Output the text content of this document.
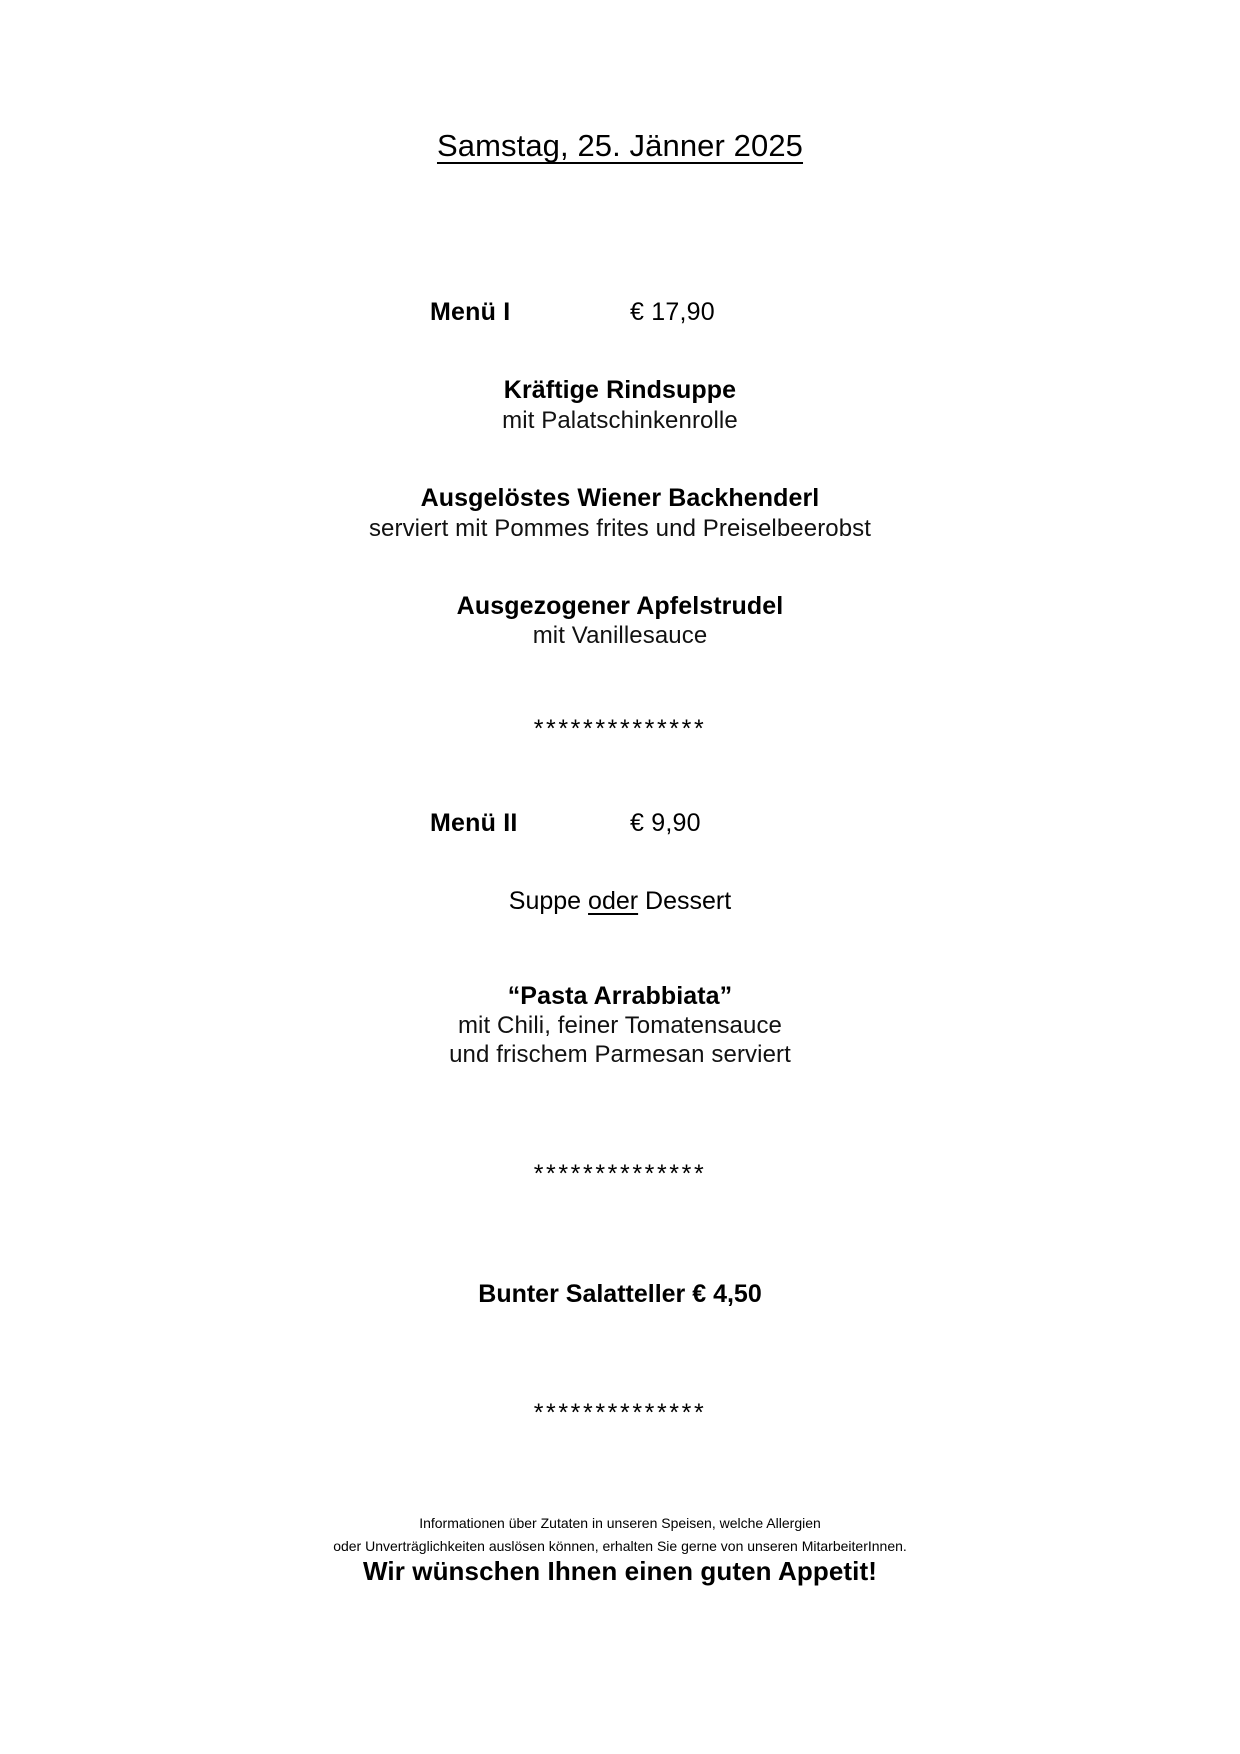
Samstag, 25. Jänner 2025
Menü I	€ 17,90
Kräftige Rindsuppe
mit Palatschinkenrolle
Ausgelöstes Wiener Backhenderl
serviert mit Pommes frites und Preiselbeerobst
Ausgezogener Apfelstrudel
mit Vanillesauce
**************
Menü II	€ 9,90
Suppe oder Dessert
“Pasta Arrabbiata”
mit Chili, feiner Tomatensauce
und frischem Parmesan serviert
**************
Bunter Salatteller € 4,50
**************
Wir wünschen Ihnen einen guten Appetit!
Informationen über Zutaten in unseren Speisen, welche Allergien
oder Unverträglichkeiten auslösen können, erhalten Sie gerne von unseren MitarbeiterInnen.
